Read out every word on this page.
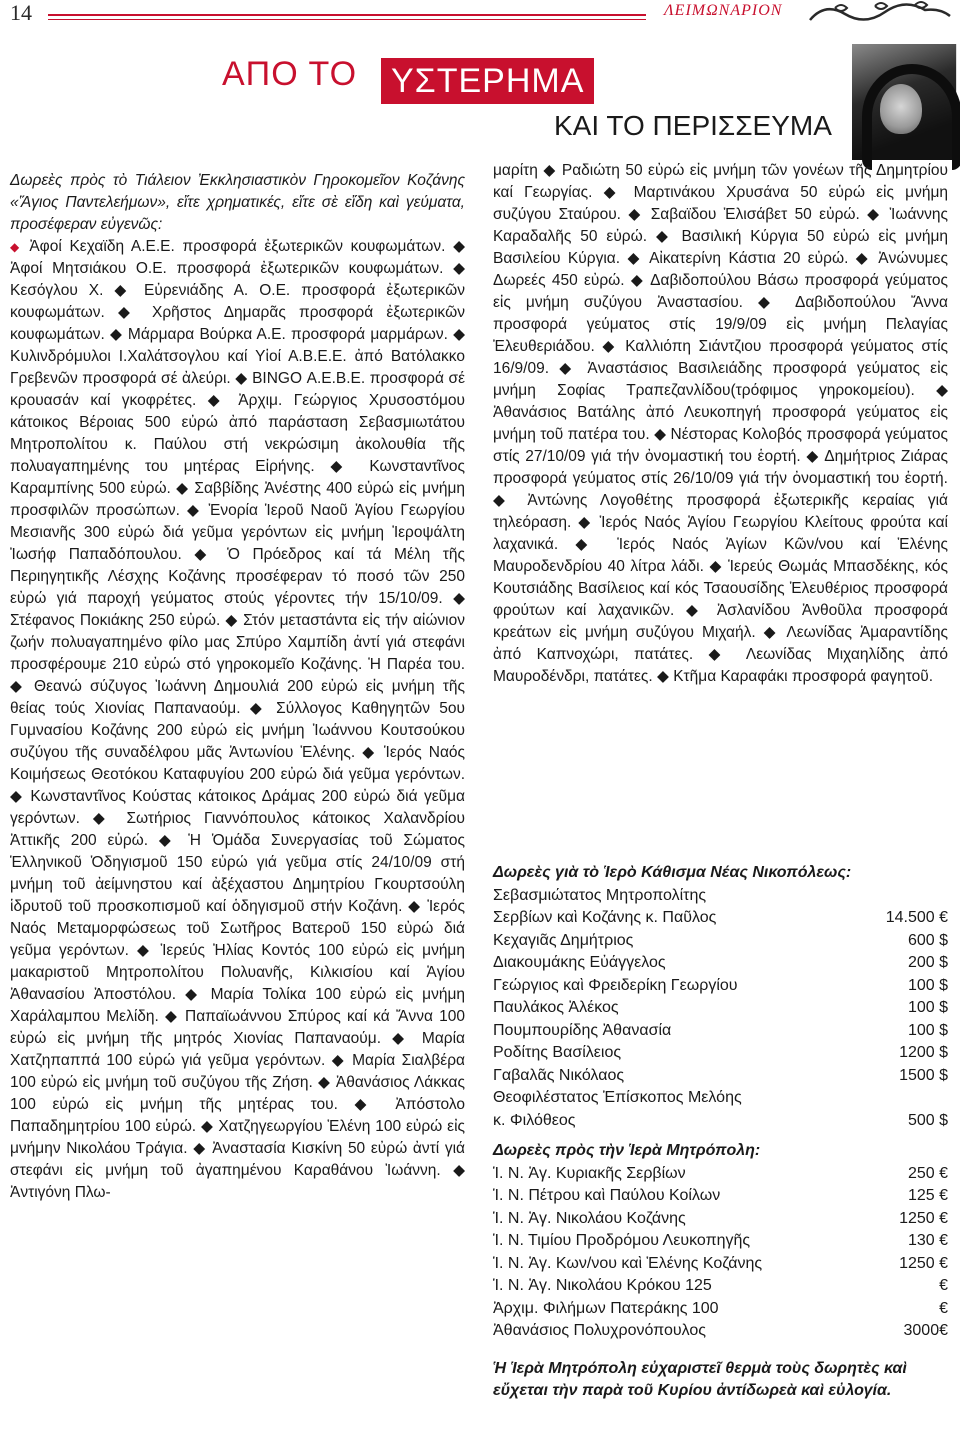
14	ΛΕΙΜΩΝΑΡΙΟΝ
ΑΠΟ ΤΟ ΥΣΤΕΡΗΜΑ
ΚΑΙ ΤΟ ΠΕΡΙΣΣΕΥΜΑ
Δωρεὲς πρὸς τὸ Τιάλειον Ἐκκλησιαστικὸν Γηροκομεῖον Κοζάνης «Ἅγιος Παντελεήμων», εἴτε χρηματικές, εἴτε σὲ εἴδη καὶ γεύματα, προσέφεραν εὐγενῶς:
◆ Ἀφοί Κεχαϊδη Α.Ε.Ε. προσφορά ἐξωτερικῶν κουφωμάτων. ◆ Ἀφοί Μητσιάκου Ο.Ε. προσφορά ἐξωτερικῶν κουφωμάτων. ◆ Κεσόγλου Χ. ◆ Εὐρενιάδης Α. Ο.Ε. προσφορά ἐξωτερικῶν κουφωμάτων. ◆ Χρῆστος Δημαρᾶς προσφορά ἐξωτερικῶν κουφωμάτων. ◆ Μάρμαρα Βούρκα Α.Ε. προσφορά μαρμάρων. ◆ Κυλινδρόμυλοι Ι.Χαλάτσογλου καί Υἱοί Α.Β.Ε.Ε. ἀπό Βατόλακκο Γρεβενῶν προσφορά σέ ἀλεύρι. ◆ BINGO Α.Ε.Β.Ε. προσφορά σέ κρουασάν καί γκοφρέτες. ◆ Ἀρχιμ. Γεώργιος Χρυσοστόμου κάτοικος Βέροιας 500 εὐρώ ἀπό παράσταση Σεβασμιωτάτου Μητροπολίτου κ. Παύλου στή νεκρώσιμη ἀκολουθία τῆς πολυαγαπημένης του μητέρας Εἰρήνης. ◆ Κωνσταντῖνος Καραμπίνης 500 εὐρώ. ◆ Σαββίδης Ἀνέστης 400 εὐρώ εἰς μνήμη προσφιλῶν προσώπων. ◆ Ἐνορία Ἱεροῦ Ναοῦ Ἁγίου Γεωργίου Μεσιανῆς 300 εὐρώ διά γεῦμα γερόντων εἰς μνήμη Ἱεροψάλτη Ἰωσήφ Παπαδόπουλου. ◆ Ὁ Πρόεδρος καί τά Μέλη τῆς Περιηγητικῆς Λέσχης Κοζάνης προσέφεραν τό ποσό τῶν 250 εὐρώ γιά παροχή γεύματος στούς γέροντες τήν 15/10/09. ◆ Στέφανος Ποκιάκης 250 εὐρώ. ◆ Στόν μεταστάντα εἰς τήν αἰώνιον ζωήν πολυαγαπημένο φίλο μας Σπύρο Χαμπίδη ἀντί γιά στεφάνι προσφέρουμε 210 εὐρώ στό γηροκομεῖο Κοζάνης. Ἡ Παρέα του. ◆ Θεανώ σύζυγος Ἰωάννη Δημουλιά 200 εὐρώ εἰς μνήμη τῆς θείας τούς Χιονίας Παπαναούμ. ◆ Σύλλογος Καθηγητῶν 5ου Γυμνασίου Κοζάνης 200 εὐρώ εἰς μνήμη Ἰωάννου Κουτσούκου συζύγου τῆς συναδέλφου μᾶς Ἀντωνίου Ἑλένης. ◆ Ἱερός Ναός Κοιμήσεως Θεοτόκου Καταφυγίου 200 εὐρώ διά γεῦμα γερόντων. ◆ Κωνσταντῖνος Κούστας κάτοικος Δράμας 200 εὐρώ διά γεῦμα γερόντων. ◆ Σωτήριος Γιαννόπουλος κάτοικος Χαλανδρίου Ἀττικῆς 200 εὐρώ. ◆ Ἡ Ὁμάδα Συνεργασίας τοῦ Σώματος Ἑλληνικοῦ Ὁδηγισμοῦ 150 εὐρώ γιά γεῦμα στίς 24/10/09 στή μνήμη τοῦ ἀείμνηστου καί ἀξέχαστου Δημητρίου Γκουρτσούλη ἱδρυτοῦ τοῦ προσκοπισμοῦ καί ὁδηγισμοῦ στήν Κοζάνη. ◆ Ἱερός Ναός Μεταμορφώσεως τοῦ Σωτῆρος Βατεροῦ 150 εὐρώ διά γεῦμα γερόντων. ◆ Ἱερεύς Ἠλίας Κοντός 100 εὐρώ εἰς μνήμη μακαριστοῦ Μητροπολίτου Πολυανῆς, Κιλκισίου καί Ἁγίου Ἀθανασίου Ἀποστόλου. ◆ Μαρία Τολίκα 100 εὐρώ εἰς μνήμη Χαράλαμπου Μελίδη. ◆ Παπαϊωάννου Σπύρος καί κά Ἄννα 100 εὐρώ εἰς μνήμη τῆς μητρός Χιονίας Παπαναούμ. ◆ Μαρία Χατζηπαππά 100 εὐρώ γιά γεῦμα γερόντων. ◆ Μαρία Σιαλβέρα 100 εὐρώ εἰς μνήμη τοῦ συζύγου τῆς Ζήση. ◆ Ἀθανάσιος Λάκκας 100 εὐρώ εἰς μνήμη τῆς μητέρας του. ◆ Ἀπόστολο Παπαδημητρίου 100 εὐρώ. ◆ Χατζηγεωργίου Ἑλένη 100 εὐρώ εἰς μνήμην Νικολάου Τράγια. ◆ Ἀναστασία Κισκίνη 50 εὐρώ ἀντί γιά στεφάνι εἰς μνήμη τοῦ ἀγαπημένου Καραθάνου Ἰωάννη. ◆ Ἀντιγόνη Πλω-
μαρίτη ◆ Ραδιώτη 50 εὐρώ εἰς μνήμη τῶν γονέων τῆς Δημητρίου καί Γεωργίας. ◆ Μαρτινάκου Χρυσάνα 50 εὐρώ εἰς μνήμη συζύγου Σταύρου. ◆ Σαβαϊδου Ἐλισάβετ 50 εὐρώ. ◆ Ἰωάννης Καραδαλῆς 50 εὐρώ. ◆ Βασιλική Κύργια 50 εὐρώ εἰς μνήμη Βασιλείου Κύργια. ◆ Αἰκατερίνη Κάστια 20 εὐρώ. ◆ Ἀνώνυμες Δωρεές 450 εὐρώ. ◆ Δαβιδοπούλου Βάσω προσφορά γεύματος εἰς μνήμη συζύγου Ἀναστασίου. ◆ Δαβιδοπούλου Ἄννα προσφορά γεύματος στίς 19/9/09 εἰς μνήμη Πελαγίας Ἐλευθεριάδου. ◆ Καλλιόπη Σιάντζιου προσφορά γεύματος στίς 16/9/09. ◆ Ἀναστάσιος Βασιλειάδης προσφορά γεύματος εἰς μνήμη Σοφίας Τραπεζανλίδου(τρόφιμος γηροκομείου). ◆ Ἀθανάσιος Βατάλης ἀπό Λευκοπηγή προσφορά γεύματος εἰς μνήμη τοῦ πατέρα του. ◆ Νέστορας Κολοβός προσφορά γεύματος στίς 27/10/09 γιά τήν ὀνομαστική του ἑορτή. ◆ Δημήτριος Ζιάρας προσφορά γεύματος στίς 26/10/09 γιά τήν ὀνομαστική του ἑορτή. ◆ Ἀντώνης Λογοθέτης προσφορά ἐξωτερικῆς κεραίας γιά τηλεόραση. ◆ Ἱερός Ναός Ἁγίου Γεωργίου Κλείτους φρούτα καί λαχανικά. ◆ Ἱερός Ναός Ἁγίων Κῶν/νου καί Ἑλένης Μαυροδενδρίου 40 λίτρα λάδι. ◆ Ἱερεύς Θωμάς Μπασδέκης, κός Κουτσιάδης Βασίλειος καί κός Τσαουσίδης Ἐλευθέριος προσφορά φρούτων καί λαχανικῶν. ◆ Ἀσλανίδου Ἀνθοῦλα προσφορά κρεάτων εἰς μνήμη συζύγου Μιχαήλ. ◆ Λεωνίδας Ἀμαραντίδης ἀπό Καπνοχώρι, πατάτες. ◆ Λεωνίδας Μιχαηλίδης ἀπό Μαυροδένδρι, πατάτες. ◆ Κτῆμα Καραφάκι προσφορά φαγητοῦ.
Δωρεὲς γιὰ τὸ Ἱερὸ Κάθισμα Νέας Νικοπόλεως:
Σεβασμιώτατος Μητροπολίτης
Σερβίων καὶ Κοζάνης κ. Παῦλος	14.500 €
Κεχαγιᾶς Δημήτριος	600 $
Διακουμάκης Εὐάγγελος	200 $
Γεώργιος καὶ Φρειδερίκη Γεωργίου	100 $
Παυλάκος Ἀλέκος	100 $
Πουμπουρίδης Ἀθανασία	100 $
Ροδίτης Βασίλειος	1200 $
Γαβαλᾶς Νικόλαος	1500 $
Θεοφιλέστατος Ἐπίσκοπος Μελόης
κ. Φιλόθεος	500 $
Δωρεὲς πρὸς τὴν Ἱερὰ Μητρόπολη:
Ἱ. Ν. Ἁγ. Κυριακῆς Σερβίων	250 €
Ἱ. Ν. Πέτρου καὶ Παύλου Κοίλων	125 €
Ἱ. Ν. Ἁγ. Νικολάου Κοζάνης	1250 €
Ἱ. Ν. Τιμίου Προδρόμου Λευκοπηγῆς	130 €
Ἱ. Ν. Ἁγ. Κων/νου καὶ Ἑλένης Κοζάνης	1250 €
Ἱ. Ν. Ἁγ. Νικολάου Κρόκου 125	€
Ἀρχιμ. Φιλήμων Πατεράκης 100	€
Ἀθανάσιος Πολυχρονόπουλος	3000€
Ἡ Ἱερὰ Μητρόπολη εὐχαριστεῖ θερμὰ τοὺς δωρητὲς καὶ εὔχεται τὴν παρὰ τοῦ Κυρίου ἀντίδωρεὰ καὶ εὐλογία.
